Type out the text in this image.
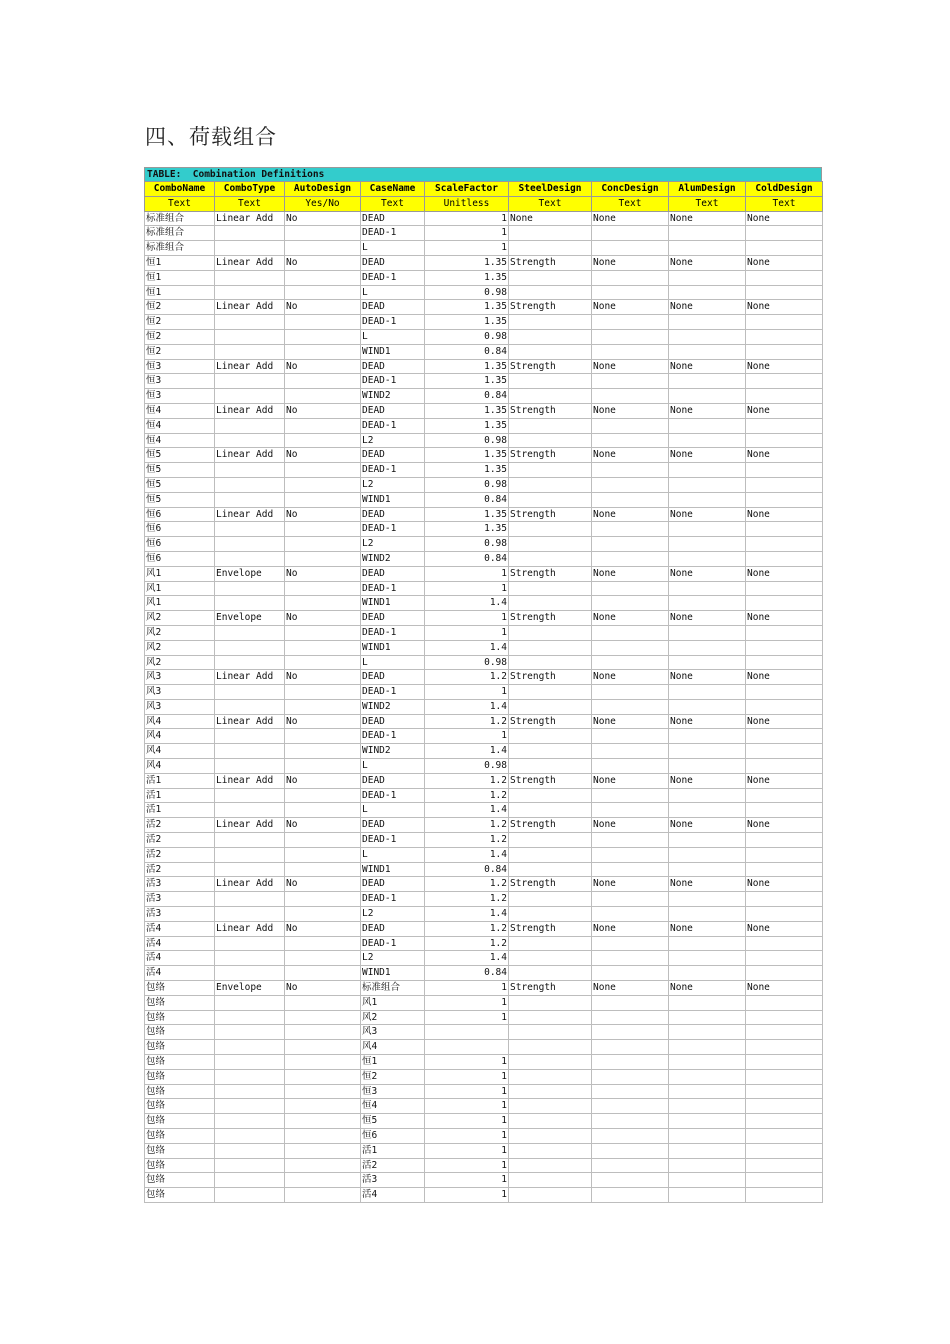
四、荷载组合
TABLE:  Combination Definitions
ComboName	ComboType	AutoDesign	CaseName	ScaleFactor	SteelDesign	ConcDesign	AlumDesign	ColdDesign
Text	Text	Yes/No	Text	Unitless	Text	Text	Text	Text
标准组合	Linear Add	No	DEAD	1	None	None	None	None
标准组合			DEAD-1	1				
标准组合			L	1				
恒1	Linear Add	No	DEAD	1.35	Strength	None	None	None
恒1			DEAD-1	1.35				
恒1			L	0.98				
恒2	Linear Add	No	DEAD	1.35	Strength	None	None	None
恒2			DEAD-1	1.35				
恒2			L	0.98				
恒2			WIND1	0.84				
恒3	Linear Add	No	DEAD	1.35	Strength	None	None	None
恒3			DEAD-1	1.35				
恒3			WIND2	0.84				
恒4	Linear Add	No	DEAD	1.35	Strength	None	None	None
恒4			DEAD-1	1.35				
恒4			L2	0.98				
恒5	Linear Add	No	DEAD	1.35	Strength	None	None	None
恒5			DEAD-1	1.35				
恒5			L2	0.98				
恒5			WIND1	0.84				
恒6	Linear Add	No	DEAD	1.35	Strength	None	None	None
恒6			DEAD-1	1.35				
恒6			L2	0.98				
恒6			WIND2	0.84				
风1	Envelope	No	DEAD	1	Strength	None	None	None
风1			DEAD-1	1				
风1			WIND1	1.4				
风2	Envelope	No	DEAD	1	Strength	None	None	None
风2			DEAD-1	1				
风2			WIND1	1.4				
风2			L	0.98				
风3	Linear Add	No	DEAD	1.2	Strength	None	None	None
风3			DEAD-1	1				
风3			WIND2	1.4				
风4	Linear Add	No	DEAD	1.2	Strength	None	None	None
风4			DEAD-1	1				
风4			WIND2	1.4				
风4			L	0.98				
活1	Linear Add	No	DEAD	1.2	Strength	None	None	None
活1			DEAD-1	1.2				
活1			L	1.4				
活2	Linear Add	No	DEAD	1.2	Strength	None	None	None
活2			DEAD-1	1.2				
活2			L	1.4				
活2			WIND1	0.84				
活3	Linear Add	No	DEAD	1.2	Strength	None	None	None
活3			DEAD-1	1.2				
活3			L2	1.4				
活4	Linear Add	No	DEAD	1.2	Strength	None	None	None
活4			DEAD-1	1.2				
活4			L2	1.4				
活4			WIND1	0.84				
包络	Envelope	No	标准组合	1	Strength	None	None	None
包络			风1	1				
包络			风2	1				
包络			风3					
包络			风4					
包络			恒1	1				
包络			恒2	1				
包络			恒3	1				
包络			恒4	1				
包络			恒5	1				
包络			恒6	1				
包络			活1	1				
包络			活2	1				
包络			活3	1				
包络			活4	1				
